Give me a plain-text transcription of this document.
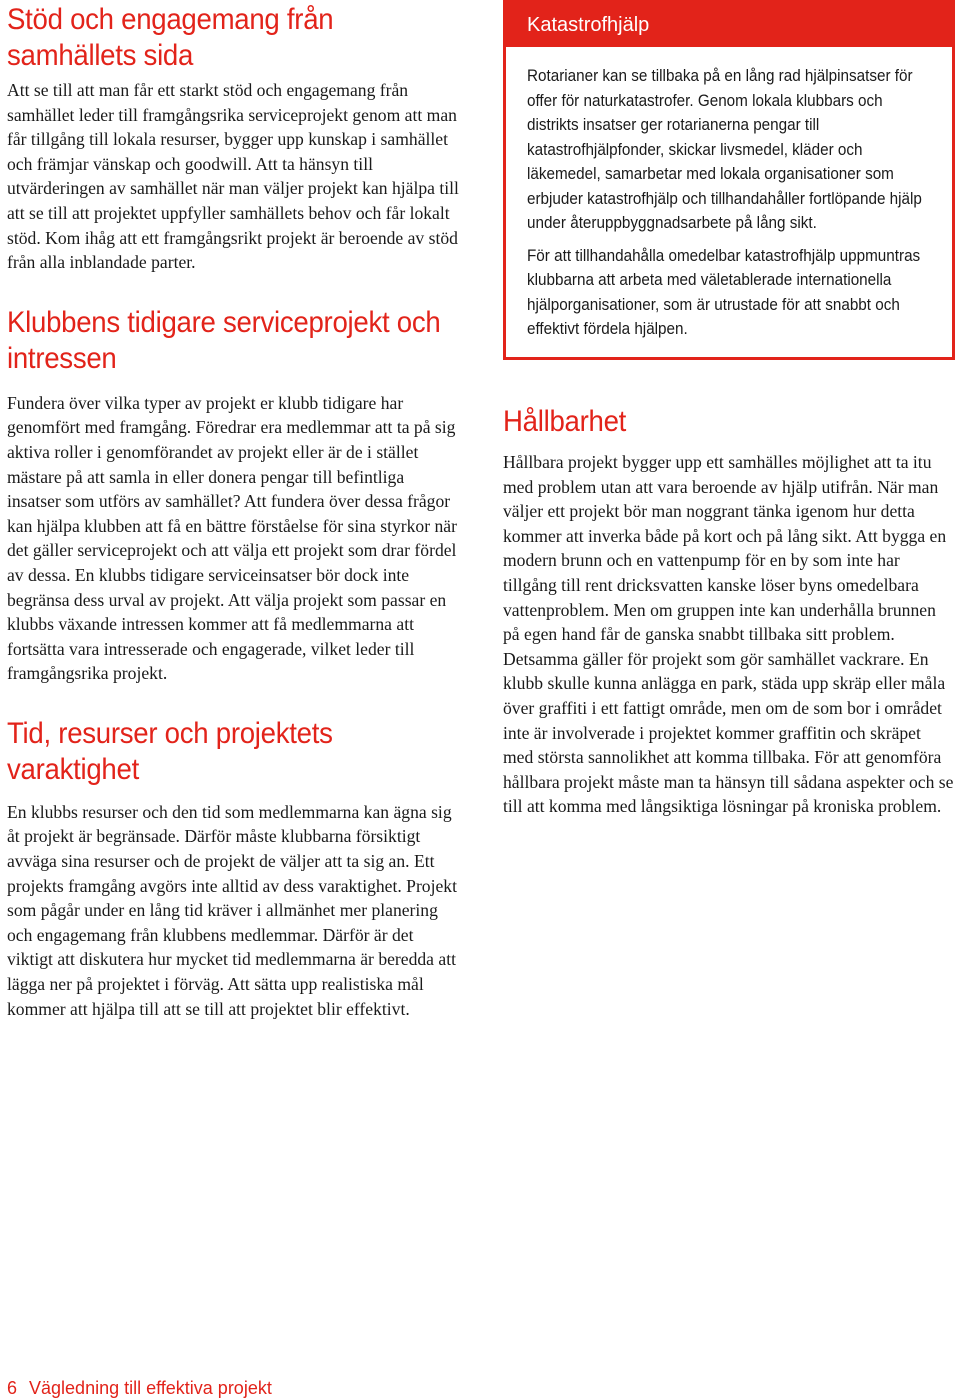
Stöd och engagemang från samhällets sida

Att se till att man får ett starkt stöd och engagemang från samhället leder till framgångsrika serviceprojekt genom att man får tillgång till lokala resurser, bygger upp kunskap i samhället och främjar vänskap och goodwill. Att ta hänsyn till utvärderingen av samhället när man väljer projekt kan hjälpa till att se till att projektet uppfyller samhällets behov och får lokalt stöd. Kom ihåg att ett framgångsrikt projekt är beroende av stöd från alla inblandade parter.

Klubbens tidigare serviceprojekt och intressen

Fundera över vilka typer av projekt er klubb tidigare har genomfört med framgång. Föredrar era medlemmar att ta på sig aktiva roller i genomförandet av projekt eller är de i stället mästare på att samla in eller donera pengar till befintliga insatser som utförs av samhället? Att fundera över dessa frågor kan hjälpa klubben att få en bättre förståelse för sina styrkor när det gäller serviceprojekt och att välja ett projekt som drar fördel av dessa. En klubbs tidigare serviceinsatser bör dock inte begränsa dess urval av projekt. Att välja projekt som passar en klubbs växande intressen kommer att få medlemmarna att fortsätta vara intresserade och engagerade, vilket leder till framgångsrika projekt.

Tid, resurser och projektets varaktighet

En klubbs resurser och den tid som medlemmarna kan ägna sig åt projekt är begränsade. Därför måste klubbarna försiktigt avväga sina resurser och de projekt de väljer att ta sig an. Ett projekts framgång avgörs inte alltid av dess varaktighet. Projekt som pågår under en lång tid kräver i allmänhet mer planering och engagemang från klubbens medlemmar. Därför är det viktigt att diskutera hur mycket tid medlemmarna är beredda att lägga ner på projektet i förväg. Att sätta upp realistiska mål kommer att hjälpa till att se till att projektet blir effektivt.

Katastrofhjälp

Rotarianer kan se tillbaka på en lång rad hjälpinsatser för offer för naturkatastrofer. Genom lokala klubbars och distrikts insatser ger rotarianerna pengar till katastrofhjälpfonder, skickar livsmedel, kläder och läkemedel, samarbetar med lokala organisationer som erbjuder katastrofhjälp och tillhandahåller fortlöpande hjälp under återuppbyggnadsarbete på lång sikt.

För att tillhandahålla omedelbar katastrofhjälp uppmuntras klubbarna att arbeta med väletablerade internationella hjälporganisationer, som är utrustade för att snabbt och effektivt fördela hjälpen.

Hållbarhet

Hållbara projekt bygger upp ett samhälles möjlighet att ta itu med problem utan att vara beroende av hjälp utifrån. När man väljer ett projekt bör man noggrant tänka igenom hur detta kommer att inverka både på kort och på lång sikt. Att bygga en modern brunn och en vattenpump för en by som inte har tillgång till rent dricksvatten kanske löser byns omedelbara vattenproblem. Men om gruppen inte kan underhålla brunnen på egen hand får de ganska snabbt tillbaka sitt problem. Detsamma gäller för projekt som gör samhället vackrare. En klubb skulle kunna anlägga en park, städa upp skräp eller måla över graffiti i ett fattigt område, men om de som bor i området inte är involverade i projektet kommer graffitin och skräpet med största sannolikhet att komma tillbaka. För att genomföra hållbara projekt måste man ta hänsyn till sådana aspekter och se till att komma med långsiktiga lösningar på kroniska problem.

6 Vägledning till effektiva projekt
